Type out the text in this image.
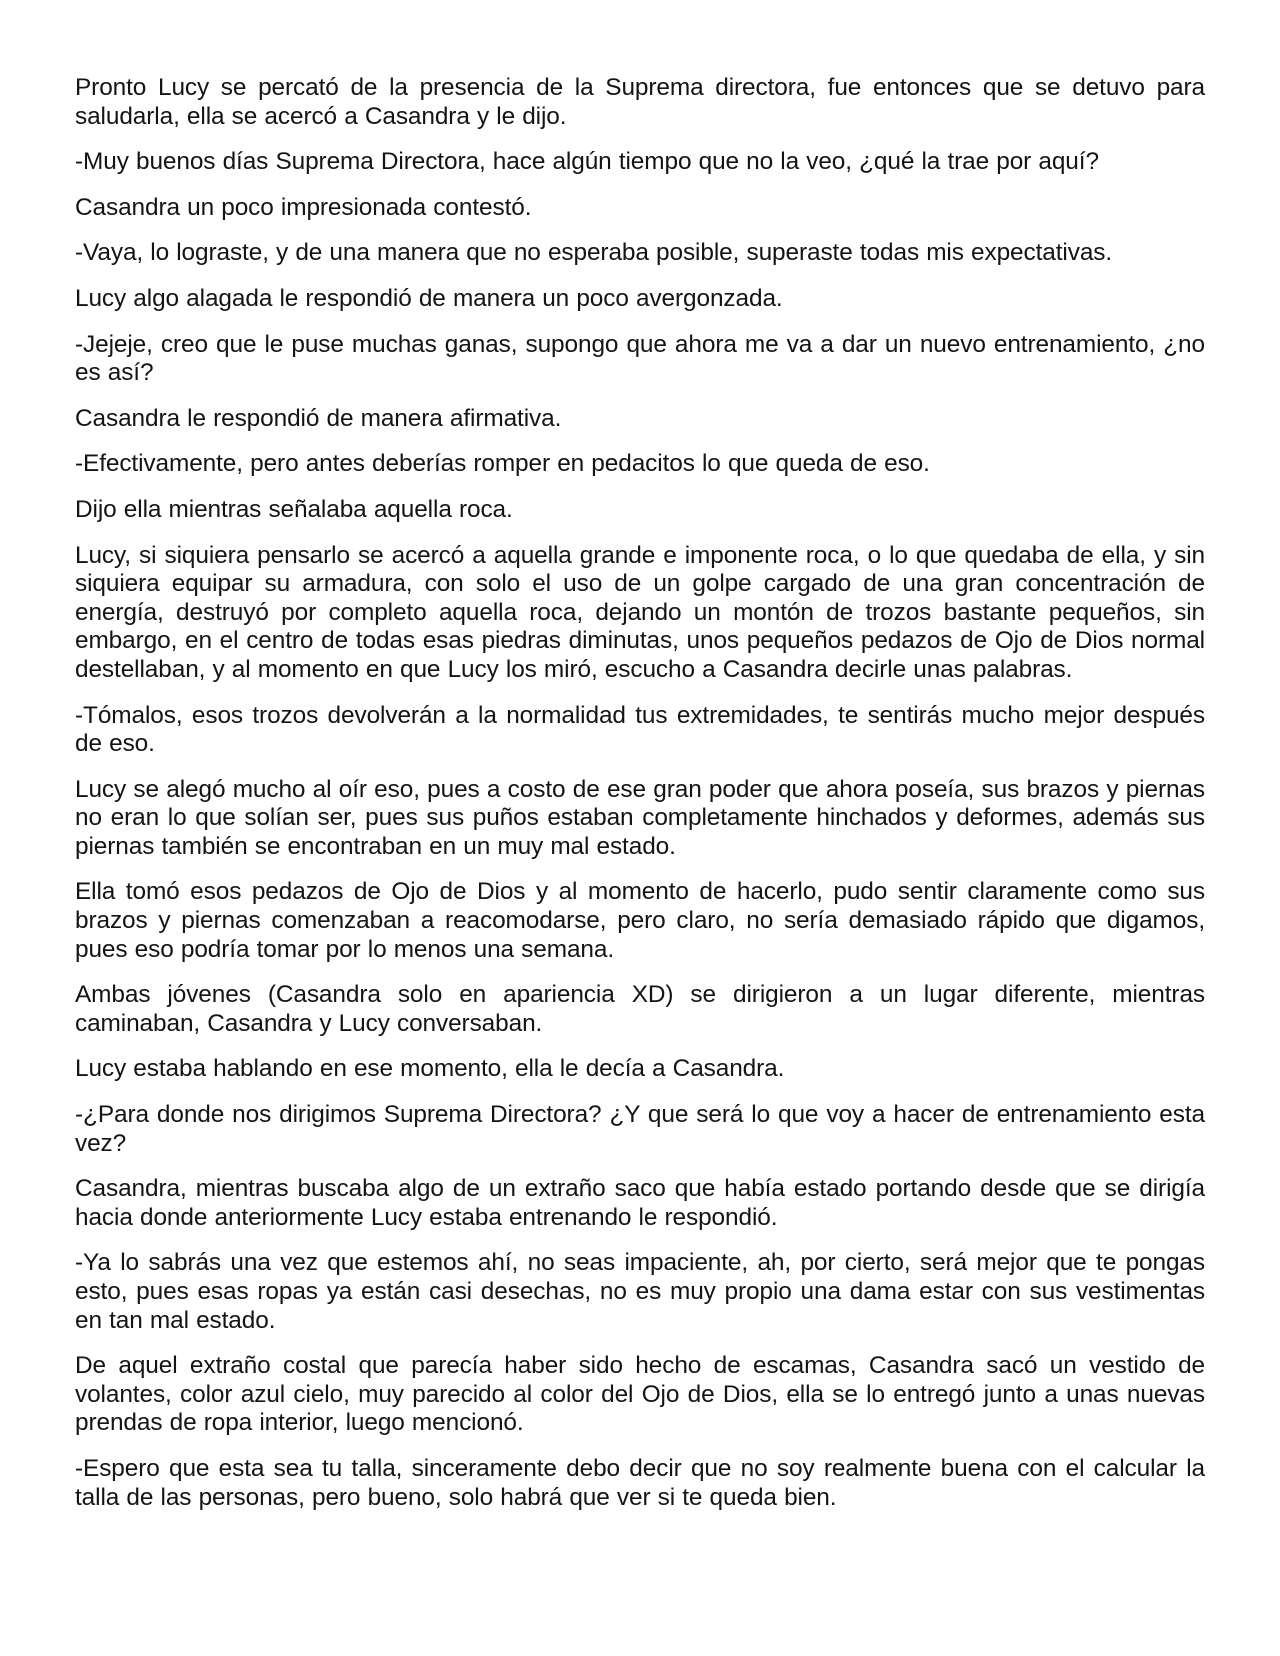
Pronto Lucy se percató de la presencia de la Suprema directora, fue entonces que se detuvo para saludarla, ella se acercó a Casandra y le dijo.

-Muy buenos días Suprema Directora, hace algún tiempo que no la veo, ¿qué la trae por aquí?

Casandra un poco impresionada contestó.

-Vaya, lo lograste, y de una manera que no esperaba posible, superaste todas mis expectativas.

Lucy algo alagada le respondió de manera un poco avergonzada.

-Jejeje, creo que le puse muchas ganas, supongo que ahora me va a dar un nuevo entrenamiento, ¿no es así?

Casandra le respondió de manera afirmativa.

-Efectivamente, pero antes deberías romper en pedacitos lo que queda de eso.

Dijo ella mientras señalaba aquella roca.

Lucy, si siquiera pensarlo se acercó a aquella grande e imponente roca, o lo que quedaba de ella, y sin siquiera equipar su armadura, con solo el uso de un golpe cargado de una gran concentración de energía, destruyó por completo aquella roca, dejando un montón de trozos bastante pequeños, sin embargo, en el centro de todas esas piedras diminutas, unos pequeños pedazos de Ojo de Dios normal destellaban, y al momento en que Lucy los miró, escucho a Casandra decirle unas palabras.

-Tómalos, esos trozos devolverán a la normalidad tus extremidades, te sentirás mucho mejor después de eso.

Lucy se alegó mucho al oír eso, pues a costo de ese gran poder que ahora poseía, sus brazos y piernas no eran lo que solían ser, pues sus puños estaban completamente hinchados y deformes, además sus piernas también se encontraban en un muy mal estado.

Ella tomó esos pedazos de Ojo de Dios y al momento de hacerlo, pudo sentir claramente como sus brazos y piernas comenzaban a reacomodarse, pero claro, no sería demasiado rápido que digamos, pues eso podría tomar por lo menos una semana.

Ambas jóvenes (Casandra solo en apariencia XD) se dirigieron a un lugar diferente, mientras caminaban, Casandra y Lucy conversaban.

Lucy estaba hablando en ese momento, ella le decía a Casandra.

-¿Para donde nos dirigimos Suprema Directora? ¿Y que será lo que voy a hacer de entrenamiento esta vez?

Casandra, mientras buscaba algo de un extraño saco que había estado portando desde que se dirigía hacia donde anteriormente Lucy estaba entrenando le respondió.

-Ya lo sabrás una vez que estemos ahí, no seas impaciente, ah, por cierto, será mejor que te pongas esto, pues esas ropas ya están casi desechas, no es muy propio una dama estar con sus vestimentas en tan mal estado.

De aquel extraño costal que parecía haber sido hecho de escamas, Casandra sacó un vestido de volantes, color azul cielo, muy parecido al color del Ojo de Dios, ella se lo entregó junto a unas nuevas prendas de ropa interior, luego mencionó.

-Espero que esta sea tu talla, sinceramente debo decir que no soy realmente buena con el calcular la talla de las personas, pero bueno, solo habrá que ver si te queda bien.
